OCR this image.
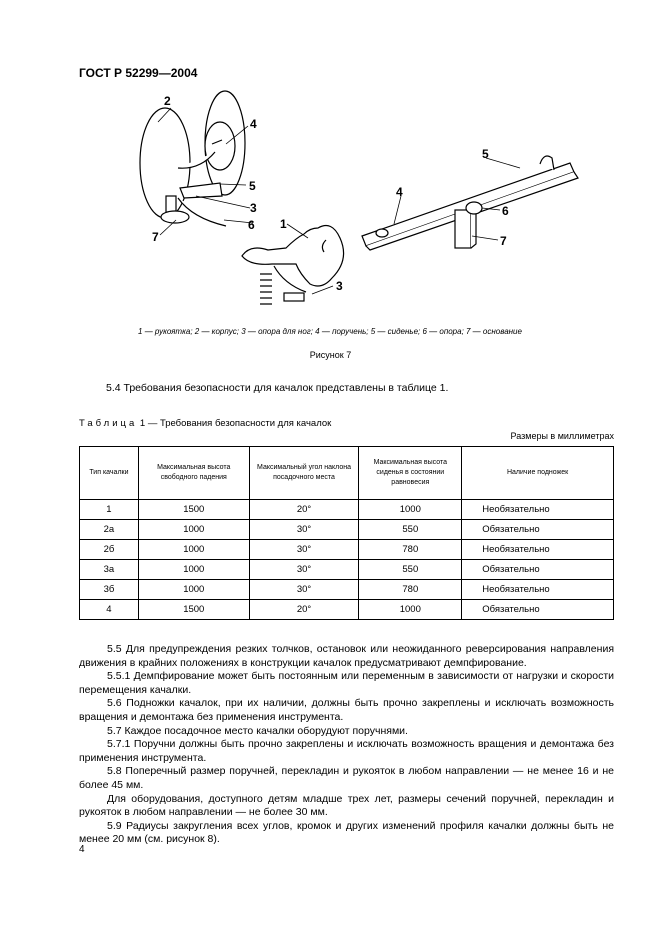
ГОСТ Р 52299—2004
2
4
5
3
6
7
1
3
5
4
6
7
1 — рукоятка; 2 — корпус; 3 — опора для ног; 4 — поручень; 5 — сиденье; 6 — опора; 7 — основание
Рисунок 7
5.4 Требования безопасности для качалок представлены в таблице 1.
Таблица 1 — Требования безопасности для качалок
Размеры в миллиметрах
Тип качалки	Максимальная высота свободного падения	Максимальный угол наклона посадочного места	Максимальная высота сиденья в состоянии равновесия	Наличие подножек
1	1500	20°	1000	Необязательно
2а	1000	30°	550	Обязательно
2б	1000	30°	780	Необязательно
3а	1000	30°	550	Обязательно
3б	1000	30°	780	Необязательно
4	1500	20°	1000	Обязательно

5.5 Для предупреждения резких толчков, остановок или неожиданного реверсирования направления движения в крайних положениях в конструкции качалок предусматривают демпфирование.

5.5.1 Демпфирование может быть постоянным или переменным в зависимости от нагрузки и скорости перемещения качалки.

5.6 Подножки качалок, при их наличии, должны быть прочно закреплены и исключать возможность вращения и демонтажа без применения инструмента.

5.7 Каждое посадочное место качалки оборудуют поручнями.

5.7.1 Поручни должны быть прочно закреплены и исключать возможность вращения и демонтажа без применения инструмента.

5.8 Поперечный размер поручней, перекладин и рукояток в любом направлении — не менее 16 и не более 45 мм.

Для оборудования, доступного детям младше трех лет, размеры сечений поручней, перекладин и рукояток в любом направлении — не более 30 мм.

5.9 Радиусы закругления всех углов, кромок и других изменений профиля качалки должны быть не менее 20 мм (см. рисунок 8).

4
